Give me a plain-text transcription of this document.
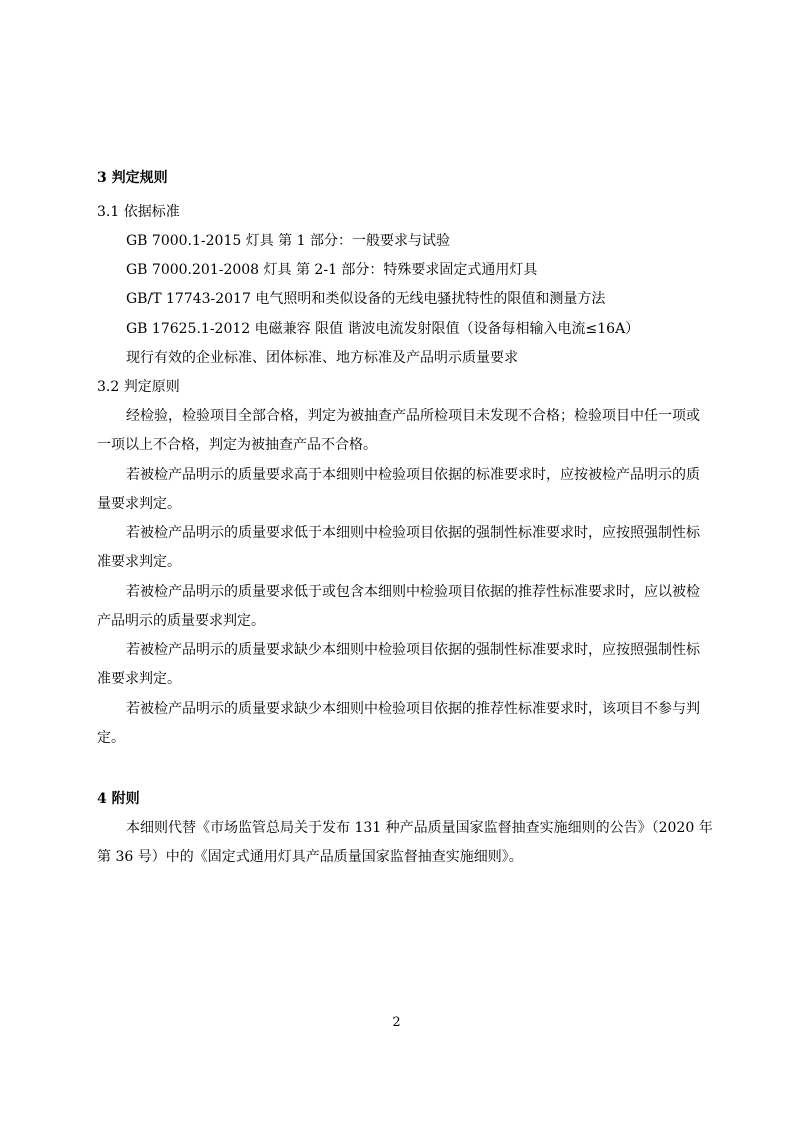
3 判定规则
3.1 依据标准
GB 7000.1-2015 灯具 第 1 部分：一般要求与试验
GB 7000.201-2008 灯具 第 2-1 部分：特殊要求固定式通用灯具
GB/T 17743-2017 电气照明和类似设备的无线电骚扰特性的限值和测量方法
GB 17625.1-2012 电磁兼容 限值 谐波电流发射限值（设备每相输入电流≤16A）
现行有效的企业标准、团体标准、地方标准及产品明示质量要求
3.2 判定原则
经检验，检验项目全部合格，判定为被抽查产品所检项目未发现不合格；检验项目中任一项或
一项以上不合格，判定为被抽查产品不合格。
若被检产品明示的质量要求高于本细则中检验项目依据的标准要求时，应按被检产品明示的质
量要求判定。
若被检产品明示的质量要求低于本细则中检验项目依据的强制性标准要求时，应按照强制性标
准要求判定。
若被检产品明示的质量要求低于或包含本细则中检验项目依据的推荐性标准要求时，应以被检
产品明示的质量要求判定。
若被检产品明示的质量要求缺少本细则中检验项目依据的强制性标准要求时，应按照强制性标
准要求判定。
若被检产品明示的质量要求缺少本细则中检验项目依据的推荐性标准要求时，该项目不参与判
定。
4 附则
本细则代替《市场监管总局关于发布 131 种产品质量国家监督抽查实施细则的公告》（2020 年
第 36 号）中的《固定式通用灯具产品质量国家监督抽查实施细则》。
2
